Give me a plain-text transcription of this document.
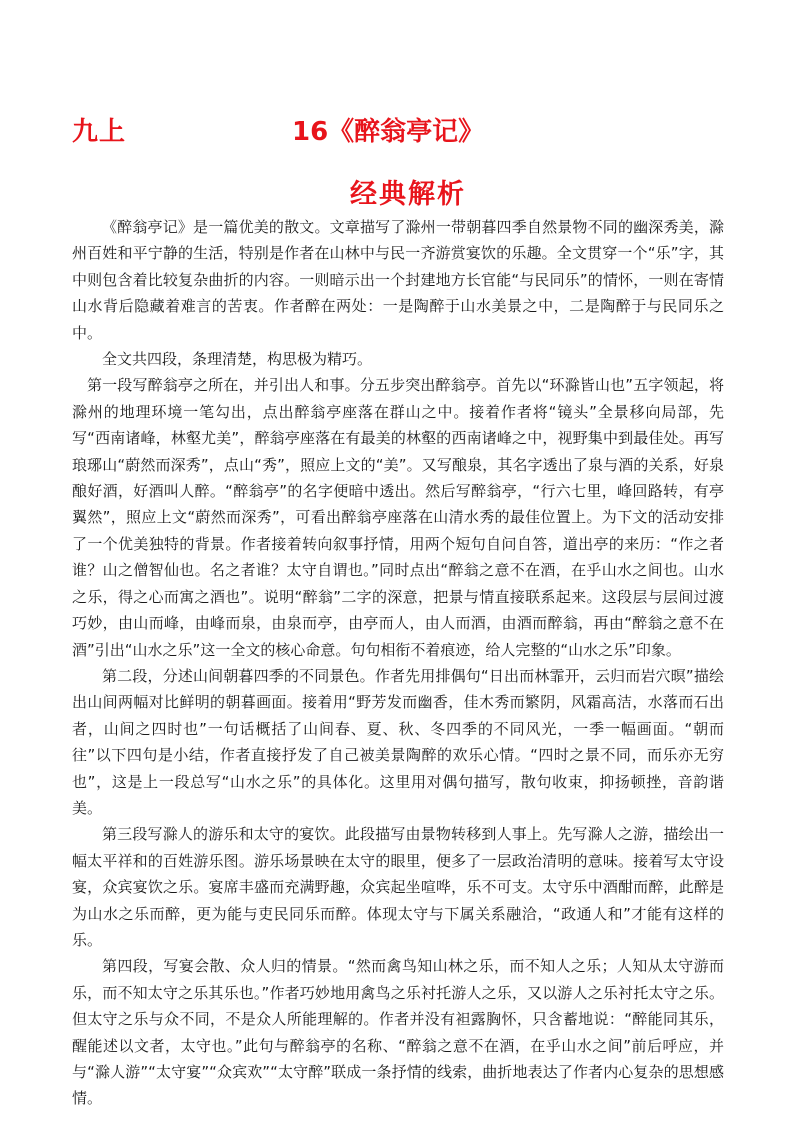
九上	16《醉翁亭记》
经典解析

《醉翁亭记》是一篇优美的散文。文章描写了滁州一带朝暮四季自然景物不同的幽深秀美，滁州百姓和平宁静的生活，特别是作者在山林中与民一齐游赏宴饮的乐趣。全文贯穿一个“乐”字，其中则包含着比较复杂曲折的内容。一则暗示出一个封建地方长官能“与民同乐”的情怀，一则在寄情山水背后隐藏着难言的苦衷。作者醉在两处：一是陶醉于山水美景之中，二是陶醉于与民同乐之中。

全文共四段，条理清楚，构思极为精巧。

第一段写醉翁亭之所在，并引出人和事。分五步突出醉翁亭。首先以“环滁皆山也”五字领起，将滁州的地理环境一笔勾出，点出醉翁亭座落在群山之中。接着作者将“镜头”全景移向局部，先写“西南诸峰，林壑尤美”，醉翁亭座落在有最美的林壑的西南诸峰之中，视野集中到最佳处。再写琅琊山“蔚然而深秀”，点山“秀”，照应上文的“美”。又写酿泉，其名字透出了泉与酒的关系，好泉酿好酒，好酒叫人醉。“醉翁亭”的名字便暗中透出。然后写醉翁亭，“行六七里，峰回路转，有亭翼然”，照应上文“蔚然而深秀”，可看出醉翁亭座落在山清水秀的最佳位置上。为下文的活动安排了一个优美独特的背景。作者接着转向叙事抒情，用两个短句自问自答，道出亭的来历：“作之者谁？山之僧智仙也。名之者谁？太守自谓也。”同时点出“醉翁之意不在酒，在乎山水之间也。山水之乐，得之心而寓之酒也”。说明“醉翁”二字的深意，把景与情直接联系起来。这段层与层间过渡巧妙，由山而峰，由峰而泉，由泉而亭，由亭而人，由人而酒，由酒而醉翁，再由“醉翁之意不在酒”引出“山水之乐”这一全文的核心命意。句句相衔不着痕迹，给人完整的“山水之乐”印象。

第二段，分述山间朝暮四季的不同景色。作者先用排偶句“日出而林霏开，云归而岩穴暝”描绘出山间两幅对比鲜明的朝暮画面。接着用“野芳发而幽香，佳木秀而繁阴，风霜高洁，水落而石出者，山间之四时也”一句话概括了山间春、夏、秋、冬四季的不同风光，一季一幅画面。“朝而往”以下四句是小结，作者直接抒发了自己被美景陶醉的欢乐心情。“四时之景不同，而乐亦无穷也”，这是上一段总写“山水之乐”的具体化。这里用对偶句描写，散句收束，抑扬顿挫，音韵谐美。

第三段写滁人的游乐和太守的宴饮。此段描写由景物转移到人事上。先写滁人之游，描绘出一幅太平祥和的百姓游乐图。游乐场景映在太守的眼里，便多了一层政治清明的意味。接着写太守设宴，众宾宴饮之乐。宴席丰盛而充满野趣，众宾起坐喧哗，乐不可支。太守乐中酒酣而醉，此醉是为山水之乐而醉，更为能与吏民同乐而醉。体现太守与下属关系融洽，“政通人和”才能有这样的乐。

第四段，写宴会散、众人归的情景。“然而禽鸟知山林之乐，而不知人之乐；人知从太守游而乐，而不知太守之乐其乐也。”作者巧妙地用禽鸟之乐衬托游人之乐，又以游人之乐衬托太守之乐。但太守之乐与众不同，不是众人所能理解的。作者并没有袒露胸怀，只含蓄地说：“醉能同其乐，醒能述以文者，太守也。”此句与醉翁亭的名称、“醉翁之意不在酒，在乎山水之间”前后呼应，并与“滁人游”“太守宴”“众宾欢”“太守醉”联成一条抒情的线索，曲折地表达了作者内心复杂的思想感情。
